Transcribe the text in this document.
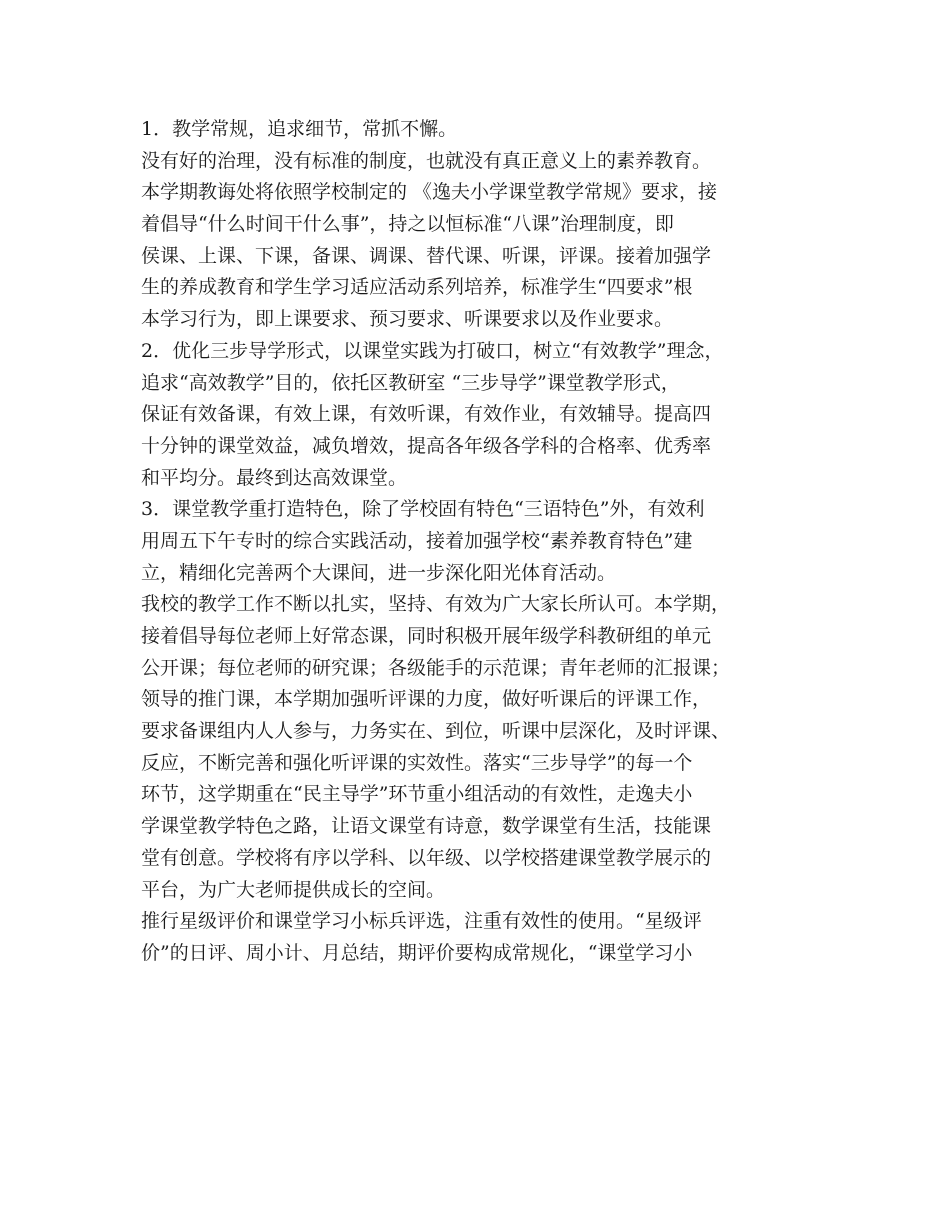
1．教学常规，追求细节，常抓不懈。

没有好的治理，没有标准的制度，也就没有真正意义上的素养教育。

本学期教诲处将依照学校制定的 《逸夫小学课堂教学常规》要求，接

着倡导“什么时间干什么事”，持之以恒标准“八课”治理制度，即

侯课、上课、下课，备课、调课、替代课、听课，评课。接着加强学

生的养成教育和学生学习适应活动系列培养，标准学生“四要求”根

本学习行为，即上课要求、预习要求、听课要求以及作业要求。

2．优化三步导学形式，以课堂实践为打破口，树立“有效教学”理念，

追求“高效教学”目的，依托区教研室 “三步导学”课堂教学形式，

保证有效备课，有效上课，有效听课，有效作业，有效辅导。提高四

十分钟的课堂效益，减负增效，提高各年级各学科的合格率、优秀率

和平均分。最终到达高效课堂。

3．课堂教学重打造特色，除了学校固有特色“三语特色”外，有效利

用周五下午专时的综合实践活动，接着加强学校“素养教育特色”建

立，精细化完善两个大课间，进一步深化阳光体育活动。

我校的教学工作不断以扎实，坚持、有效为广大家长所认可。本学期，

接着倡导每位老师上好常态课，同时积极开展年级学科教研组的单元

公开课；每位老师的研究课；各级能手的示范课；青年老师的汇报课；

领导的推门课，本学期加强听评课的力度，做好听课后的评课工作，

要求备课组内人人参与，力务实在、到位，听课中层深化，及时评课、

反应，不断完善和强化听评课的实效性。落实“三步导学”的每一个

环节，这学期重在“民主导学”环节重小组活动的有效性，走逸夫小

学课堂教学特色之路，让语文课堂有诗意，数学课堂有生活，技能课

堂有创意。学校将有序以学科、以年级、以学校搭建课堂教学展示的

平台，为广大老师提供成长的空间。

推行星级评价和课堂学习小标兵评选，注重有效性的使用。“星级评

价”的日评、周小计、月总结，期评价要构成常规化，“课堂学习小
